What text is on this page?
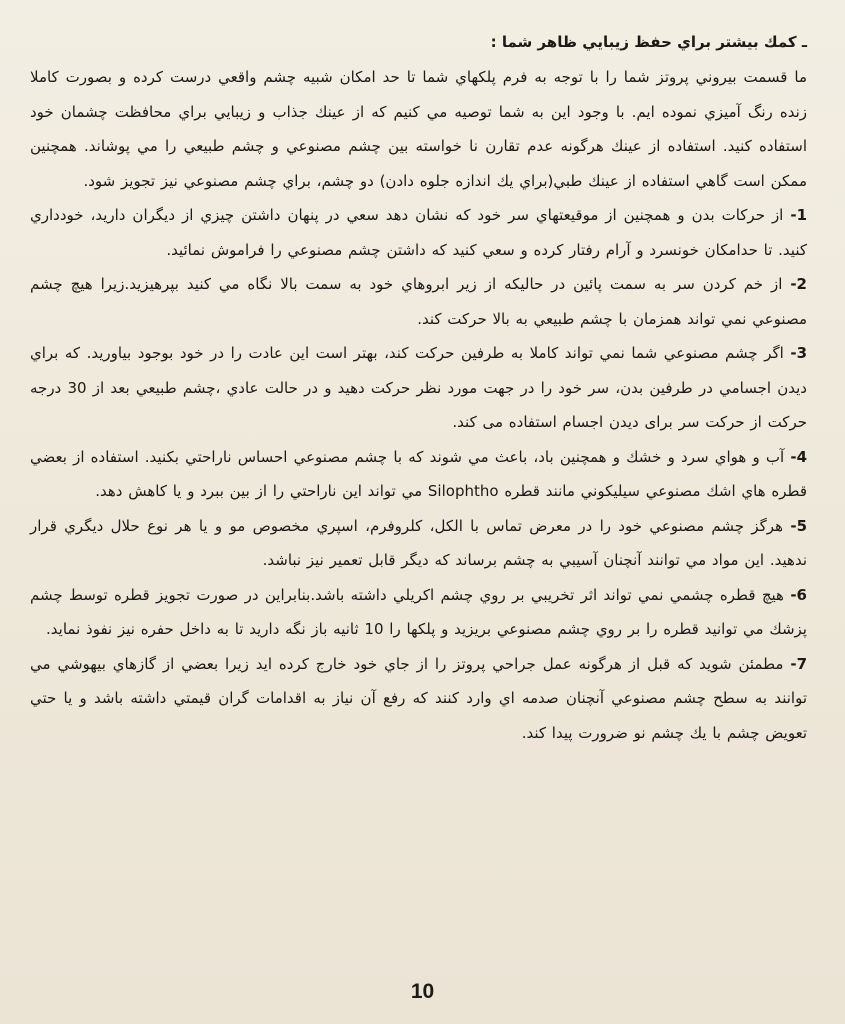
ـ كمك بيشتر براي حفظ زيبايي ظاهر شما :

ما قسمت بيروني پروتز شما را با توجه به فرم پلكهاي شما تا حد امكان شبيه چشم واقعي درست كرده و بصورت كاملا زنده رنگ آميزي نموده ايم. با وجود اين به شما توصيه مي كنيم كه از عينك جذاب و زيبايي براي محافظت چشمان خود استفاده كنيد. استفاده از عينك هرگونه عدم تقارن نا خواسته بين چشم مصنوعي و چشم طبيعي را مي پوشاند. همچنين ممكن است گاهي استفاده از عينك طبي(براي يك اندازه جلوه دادن) دو چشم، براي چشم مصنوعي نيز تجويز شود.

1- از حركات بدن و همچنين از موقيعتهاي سر خود كه نشان دهد سعي در پنهان داشتن چيزي از ديگران داريد، خودداري كنيد. تا حدامكان خونسرد و آرام رفتار كرده و سعي كنيد كه داشتن چشم مصنوعي را فراموش نمائيد.

2- از خم كردن سر به سمت پائين در حاليكه از زير ابروهاي خود به سمت بالا نگاه مي كنيد بپرهيزيد.زيرا هيچ چشم مصنوعي نمي تواند همزمان با چشم طبيعي به بالا حركت كند.

3- اگر چشم مصنوعي شما نمي تواند كاملا به طرفين حركت كند، بهتر است اين عادت را در خود بوجود بياوريد. كه براي ديدن اجسامي در طرفين بدن، سر خود را در جهت مورد نظر حركت دهيد و در حالت عادي ،چشم طبيعي بعد از 30 درجه حركت از حركت سر براى ديدن اجسام استفاده مى كند.

4- آب و هواي سرد و خشك و همچنين باد، باعث مي شوند كه با چشم مصنوعي احساس ناراحتي بكنيد. استفاده از بعضي قطره هاي اشك مصنوعي سيليكوني مانند قطره Silophtho مي تواند اين ناراحتي را از بين ببرد و يا كاهش دهد.

5- هرگز چشم مصنوعي خود را در معرض تماس با الكل، كلروفرم، اسپري مخصوص مو و يا هر نوع حلال ديگري قرار ندهيد. اين مواد مي توانند آنچنان آسيبي به چشم برساند كه ديگر قابل تعمير نيز نباشد.

6- هيچ قطره چشمي نمي تواند اثر تخريبي بر روي چشم اكريلي داشته باشد.بنابراين در صورت تجويز قطره توسط چشم پزشك مي توانيد قطره را بر روي چشم مصنوعي بريزيد و پلكها را 10 ثانيه باز نگه داريد تا به داخل حفره نيز نفوذ نمايد.

7- مطمئن شويد كه قبل از هرگونه عمل جراحي پروتز را از جاي خود خارج كرده ايد زيرا بعضي از گازهاي بيهوشي مي توانند به سطح چشم مصنوعي آنچنان صدمه اي وارد كنند كه رفع آن نياز به اقدامات گران قيمتي داشته باشد و يا حتي تعويض چشم با يك چشم نو ضرورت پيدا كند.

10
